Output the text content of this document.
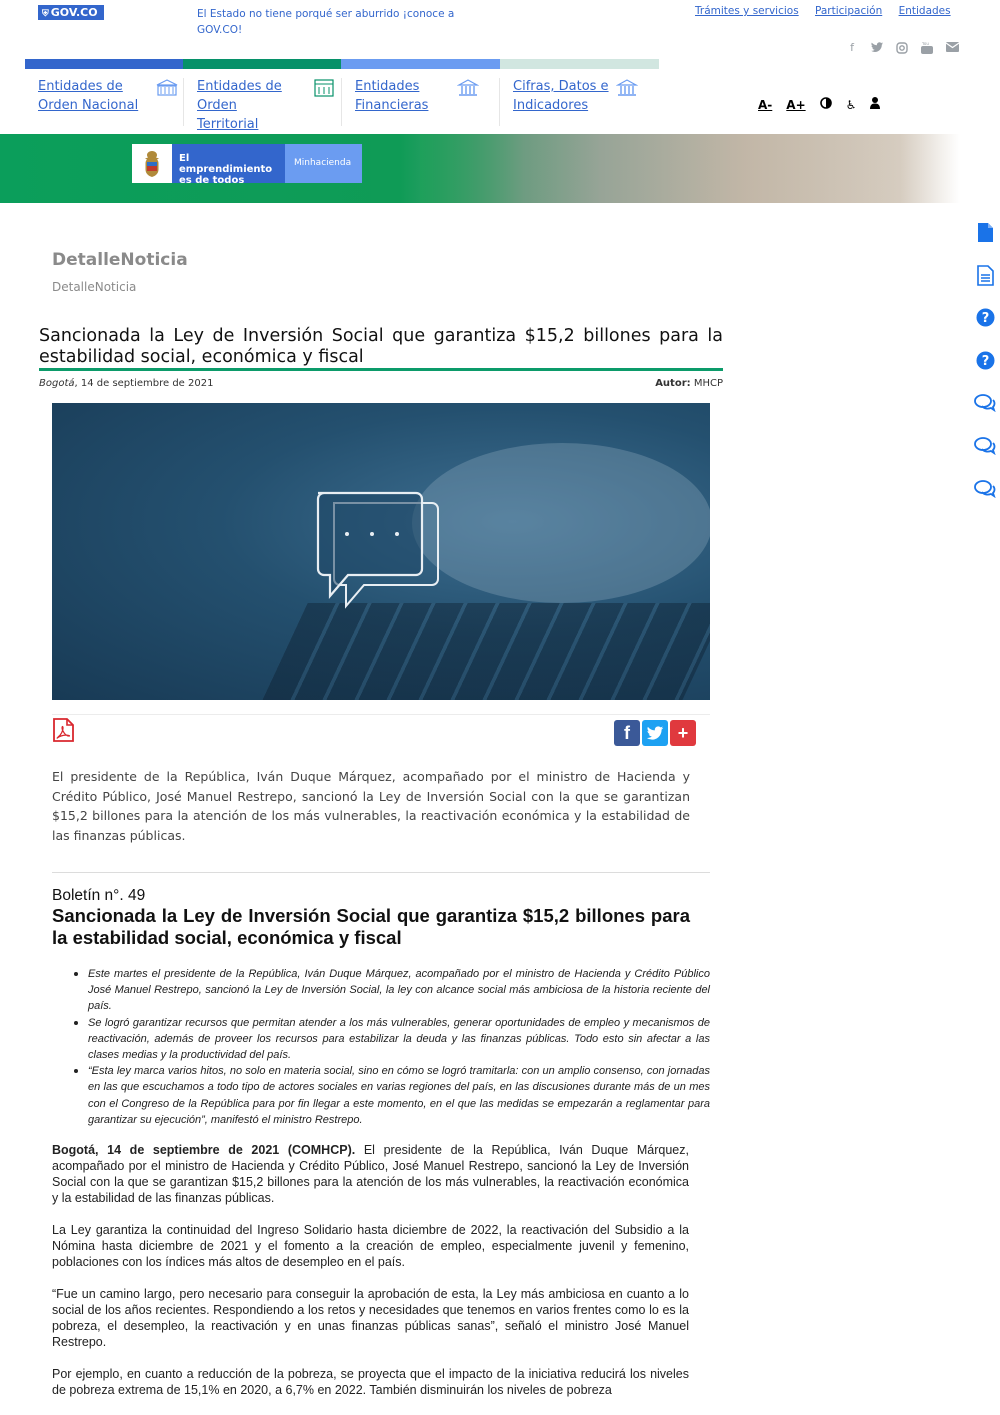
⛨ GOV.CO	El Estado no tiene porqué ser aburrido ¡conoce a GOV.CO!
Trámites y servicios Participación Entidades
f	You
Entidades de Orden Nacional
Entidades de Orden Territorial
Entidades Financieras
Cifras, Datos e Indicadores	A- A+	♿
El emprendimiento
es de todos
Minhacienda
?
?
DetalleNoticia
DetalleNoticia
Sancionada la Ley de Inversión Social que garantiza $15,2 billones para la estabilidad social, económica y fiscal
Bogotá, 14 de septiembre de 2021	Autor: MHCP
f	+
El presidente de la República, Iván Duque Márquez, acompañado por el ministro de Hacienda y Crédito Público, José Manuel Restrepo, sancionó la Ley de Inversión Social con la que se garantizan $15,2 billones para la atención de los más vulnerables, la reactivación económica y la estabilidad de las finanzas públicas.
Boletín n°. 49
Sancionada la Ley de Inversión Social que garantiza $15,2 billones para la estabilidad social, económica y fiscal
Este martes el presidente de la República, Iván Duque Márquez, acompañado por el ministro de Hacienda y Crédito Público José Manuel Restrepo, sancionó la Ley de Inversión Social, la ley con alcance social más ambiciosa de la historia reciente del país.
Se logró garantizar recursos que permitan atender a los más vulnerables, generar oportunidades de empleo y mecanismos de reactivación, además de proveer los recursos para estabilizar la deuda y las finanzas públicas. Todo esto sin afectar a las clases medias y la productividad del país.
“Esta ley marca varios hitos, no solo en materia social, sino en cómo se logró tramitarla: con un amplio consenso, con jornadas en las que escuchamos a todo tipo de actores sociales en varias regiones del país, en las discusiones durante más de un mes con el Congreso de la República para por fin llegar a este momento, en el que las medidas se empezarán a reglamentar para garantizar su ejecución”, manifestó el ministro Restrepo.
Bogotá, 14 de septiembre de 2021 (COMHCP). El presidente de la República, Iván Duque Márquez, acompañado por el ministro de Hacienda y Crédito Público, José Manuel Restrepo, sancionó la Ley de Inversión Social con la que se garantizan $15,2 billones para la atención de los más vulnerables, la reactivación económica y la estabilidad de las finanzas públicas.
La Ley garantiza la continuidad del Ingreso Solidario hasta diciembre de 2022, la reactivación del Subsidio a la Nómina hasta diciembre de 2021 y el fomento a la creación de empleo, especialmente juvenil y femenino, poblaciones con los índices más altos de desempleo en el país.
“Fue un camino largo, pero necesario para conseguir la aprobación de esta, la Ley más ambiciosa en cuanto a lo social de los años recientes. Respondiendo a los retos y necesidades que tenemos en varios frentes como lo es la pobreza, el desempleo, la reactivación y en unas finanzas públicas sanas”, señaló el ministro José Manuel Restrepo.
Por ejemplo, en cuanto a reducción de la pobreza, se proyecta que el impacto de la iniciativa reducirá los niveles de pobreza extrema de 15,1% en 2020, a 6,7% en 2022. También disminuirán los niveles de pobreza
